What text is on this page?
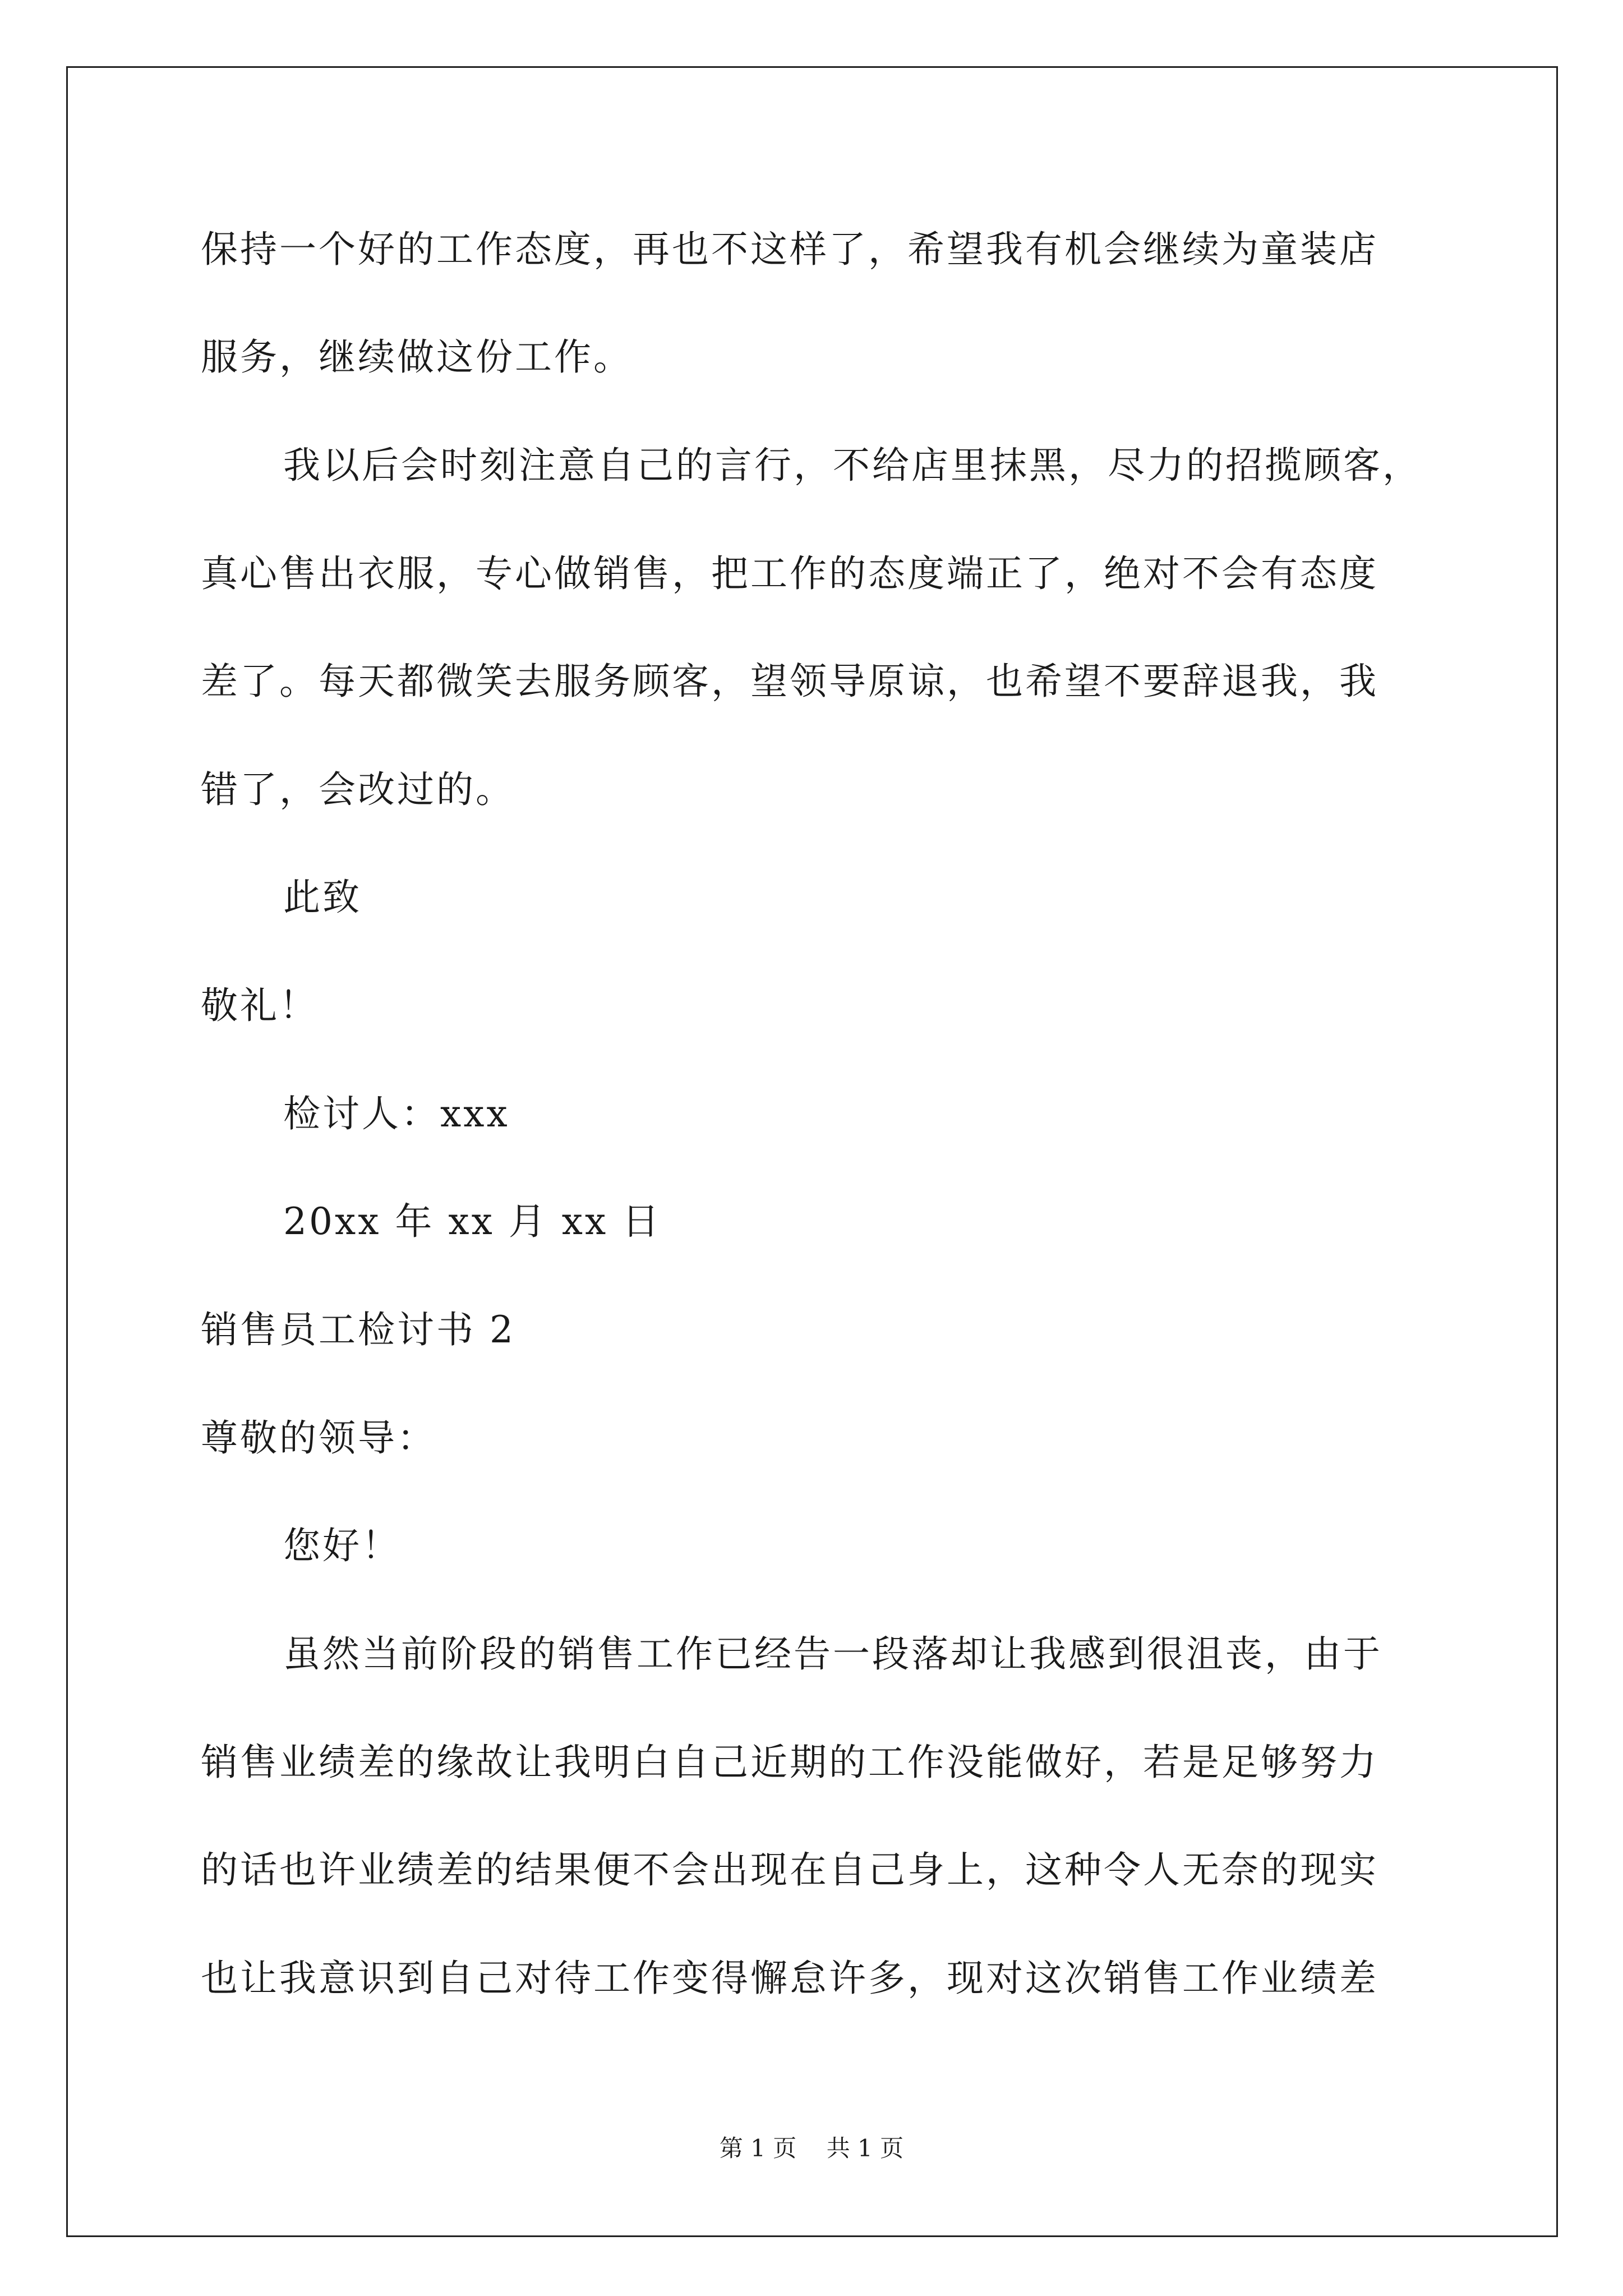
保持一个好的工作态度，再也不这样了，希望我有机会继续为童装店
服务，继续做这份工作。
我以后会时刻注意自己的言行，不给店里抹黑，尽力的招揽顾客，
真心售出衣服，专心做销售，把工作的态度端正了，绝对不会有态度
差了。每天都微笑去服务顾客，望领导原谅，也希望不要辞退我，我
错了，会改过的。
此致
敬礼！
检讨人：xxx
20xx 年 xx 月 xx 日
销售员工检讨书 2
尊敬的领导：
您好！
虽然当前阶段的销售工作已经告一段落却让我感到很沮丧，由于
销售业绩差的缘故让我明白自己近期的工作没能做好，若是足够努力
的话也许业绩差的结果便不会出现在自己身上，这种令人无奈的现实
也让我意识到自己对待工作变得懈怠许多，现对这次销售工作业绩差
第 1 页    共 1 页
